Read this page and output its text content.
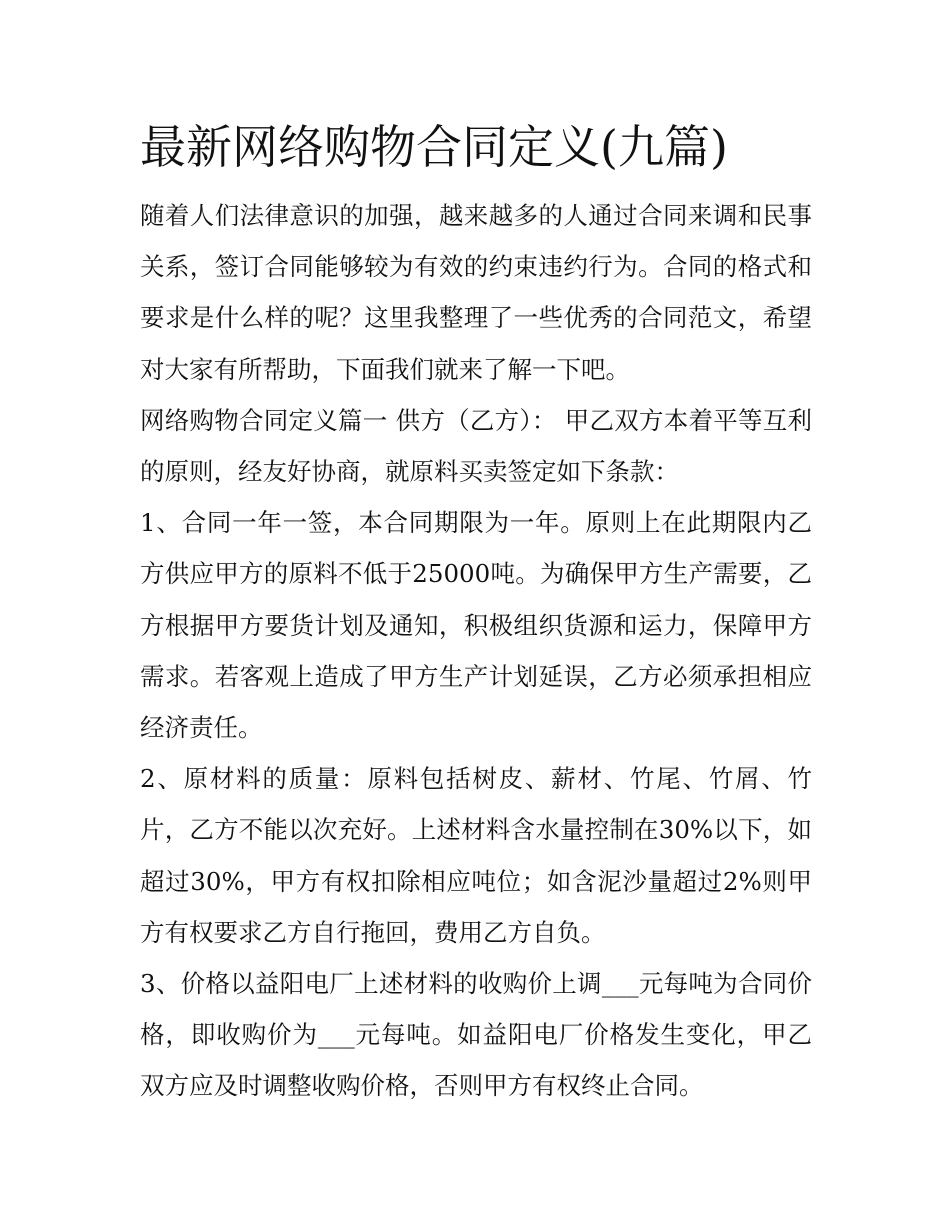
最新网络购物合同定义(九篇)

随着人们法律意识的加强，越来越多的人通过合同来调和民事关系，签订合同能够较为有效的约束违约行为。合同的格式和要求是什么样的呢？这里我整理了一些优秀的合同范文，希望对大家有所帮助，下面我们就来了解一下吧。

网络购物合同定义篇一 供方（乙方）： 甲乙双方本着平等互利的原则，经友好协商，就原料买卖签定如下条款：

1、合同一年一签，本合同期限为一年。原则上在此期限内乙方供应甲方的原料不低于25000吨。为确保甲方生产需要，乙方根据甲方要货计划及通知，积极组织货源和运力，保障甲方需求。若客观上造成了甲方生产计划延误，乙方必须承担相应经济责任。

2、原材料的质量：原料包括树皮、薪材、竹尾、竹屑、竹片，乙方不能以次充好。上述材料含水量控制在30%以下，如超过30%，甲方有权扣除相应吨位；如含泥沙量超过2%则甲方有权要求乙方自行拖回，费用乙方自负。

3、价格以益阳电厂上述材料的收购价上调___元每吨为合同价格，即收购价为___元每吨。如益阳电厂价格发生变化，甲乙双方应及时调整收购价格，否则甲方有权终止合同。
